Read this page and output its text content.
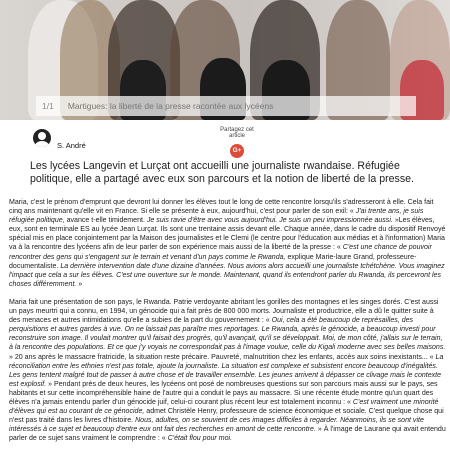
1/1 Martigues: la liberté de la presse racontée aux lycéens
S. André
Partagez cet article
G+
Les lycées Langevin et Lurçat ont accueilli une journaliste rwandaise. Réfugiée politique, elle a partagé avec eux son parcours et la notion de liberté de la presse.

Maria, c'est le prénom d'emprunt que devront lui donner les élèves tout le long de cette rencontre lorsqu'ils s'adresseront à elle. Cela fait cinq ans maintenant qu'elle vit en France. Si elle se présente à eux, aujourd'hui, c'est pour parler de son exil: « J'ai trente ans, je suis réfugiée politique, avance t-elle timidement. Je suis ravie d'être avec vous aujourd'hui. Je suis un peu impressionnée aussi. »Les élèves, eux, sont en terminale ES au lycée Jean Lurçat. Ils sont une trentaine assis devant elle. Chaque année, dans le cadre du dispositif Renvoyé spécial mis en place conjointement par la Maison des journalistes et le Clemi (le centre pour l'éducation aux médias et à l'information) Maria va à la rencontre des lycéens afin de leur parler de son expérience mais aussi de la liberté de la presse : « C'est une chance de pouvoir rencontrer des gens qui s'engagent sur le terrain et venant d'un pays comme le Rwanda, explique Marie-laure Grand, professeure-documentaliste. La dernière intervention date d'une dizaine d'années. Nous avions alors accueilli une journaliste tchétchène. Vous imaginez l'impact que cela a sur les élèves. C'est une ouverture sur le monde. Maintenant, quand ils entendront parler du Rwanda, ils percevront les choses différemment. »

Maria fait une présentation de son pays, le Rwanda. Patrie verdoyante abritant les gorilles des montagnes et les singes dorés. C'est aussi un pays meurtri qui a connu, en 1994, un génocide qui a fait près de 800 000 morts. Journaliste et productrice, elle a dû le quitter suite à des menaces et autres intimidations qu'elle a subies de la part du gouvernement : « Oui, cela a été beaucoup de représailles, des perquisitions et autres gardes à vue. On ne laissait pas paraître mes reportages. Le Rwanda, après le génocide, a beaucoup investi pour reconstruire son image. Il voulait montrer qu'il faisait des progrès, qu'il avançait, qu'il se développait. Moi, de mon côté, j'allais sur le terrain, à la rencontre des populations. Et ce que j'y voyais ne correspondait pas à l'image voulue, celle du Kigali moderne avec ses belles maisons. » 20 ans après le massacre fratricide, la situation reste précaire. Pauvreté, malnutrition chez les enfants, accès aux soins inexistants... « La réconciliation entre les ethnies n'est pas totale, ajoute la journaliste. La situation est complexe et subsistent encore beaucoup d'inégalités. Les gens tentent malgré tout de passer à autre chose et de travailler ensemble. Les jeunes arrivent à dépasser ce clivage mais le contexte est explosif. » Pendant près de deux heures, les lycéens ont posé de nombreuses questions sur son parcours mais aussi sur le pays, ses habitants et sur cette incompréhensible haine de l'autre qui a conduit le pays au massacre. Si une récente étude montre qu'un quart des élèves n'a jamais entendu parler d'un génocide juif, celui-ci courant plus récent leur est totalement inconnu : « C'est vraiment une minorité d'élèves qui est au courant de ce génocide, admet Christèle Henry, professeure de science économique et sociale. C'est quelque chose qui n'est pas traité dans les livres d'histoire. Nous, adultes, on se souvient de ces images difficiles à regarder. Néanmoins, ils se sont vite intéressés à ce sujet et beaucoup d'entre eux ont fait des recherches en amont de cette rencontre. » À l'image de Laurane qui avait entendu parler de ce sujet sans vraiment le comprendre : « C'était flou pour moi.
